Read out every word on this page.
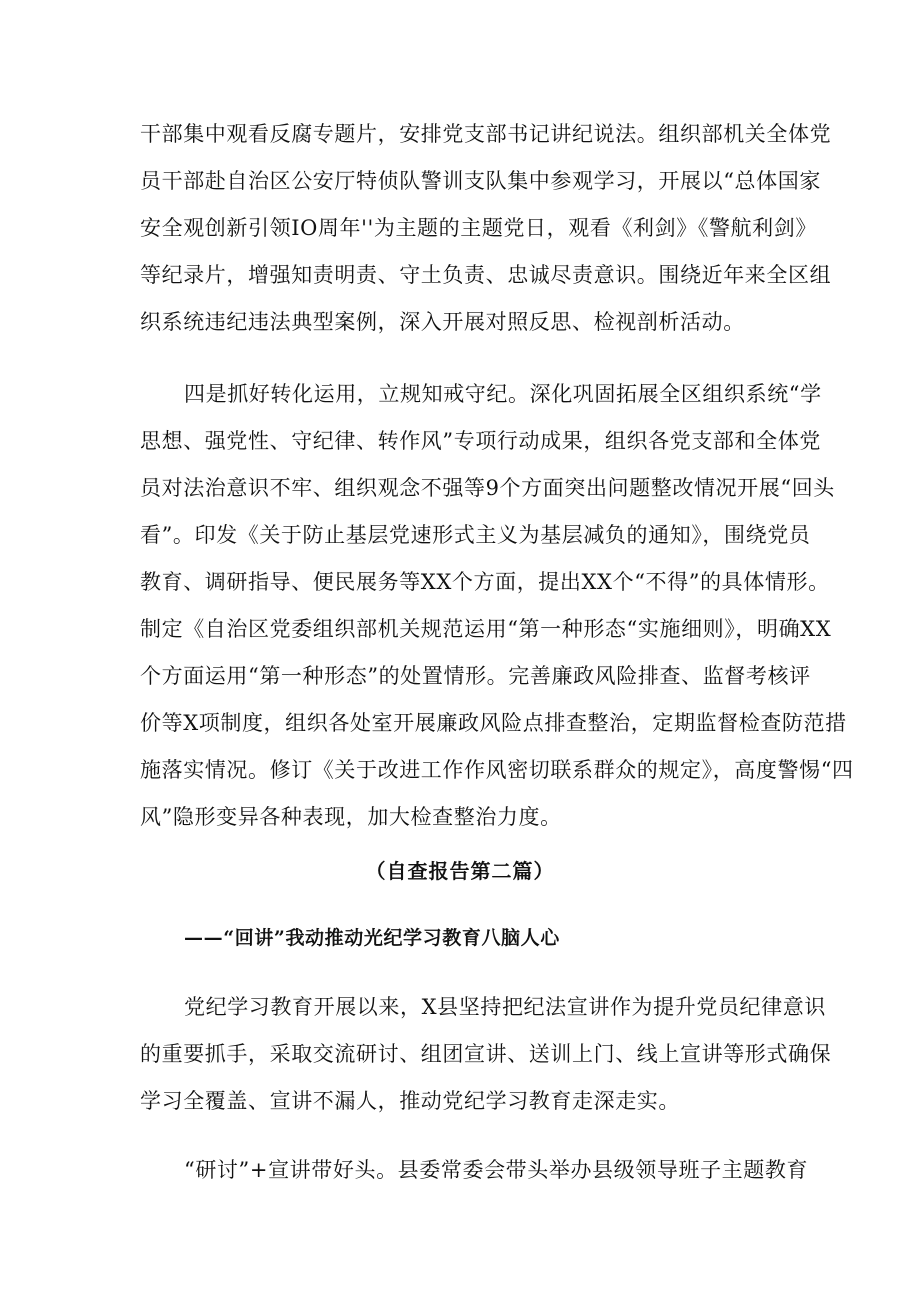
干部集中观看反腐专题片，安排党支部书记讲纪说法。组织部机关全体党
员干部赴自治区公安厅特侦队警训支队集中参观学习，开展以“总体国家
安全观创新引领IO周年''为主题的主题党日，观看《利剑》《警航利剑》
等纪录片，增强知责明责、守土负责、忠诚尽责意识。围绕近年来全区组
织系统违纪违法典型案例，深入开展对照反思、检视剖析活动。
四是抓好转化运用，立规知戒守纪。深化巩固拓展全区组织系统“学
思想、强党性、守纪律、转作风”专项行动成果，组织各党支部和全体党
员对法治意识不牢、组织观念不强等9个方面突出问题整改情况开展“回头
看”。印发《关于防止基层党速形式主义为基层减负的通知》，围绕党员
教育、调研指导、便民展务等XX个方面，提出XX个“不得”的具体情形。
制定《自治区党委组织部机关规范运用“第一种形态“实施细则》，明确XX
个方面运用“第一种形态”的处置情形。完善廉政风险排查、监督考核评
价等X项制度，组织各处室开展廉政风险点排查整治，定期监督检查防范措
施落实情况。修订《关于改进工作作风密切联系群众的规定》，高度警惕“四
风”隐形变异各种表现，加大检查整治力度。
（自查报告第二篇）
——“回讲”我动推动光纪学习教育八脑人心
党纪学习教育开展以来，X县坚持把纪法宣讲作为提升党员纪律意识
的重要抓手，采取交流研讨、组团宣讲、送训上门、线上宣讲等形式确保
学习全覆盖、宣讲不漏人，推动党纪学习教育走深走实。
“研讨”+宣讲带好头。县委常委会带头举办县级领导班子主题教育
